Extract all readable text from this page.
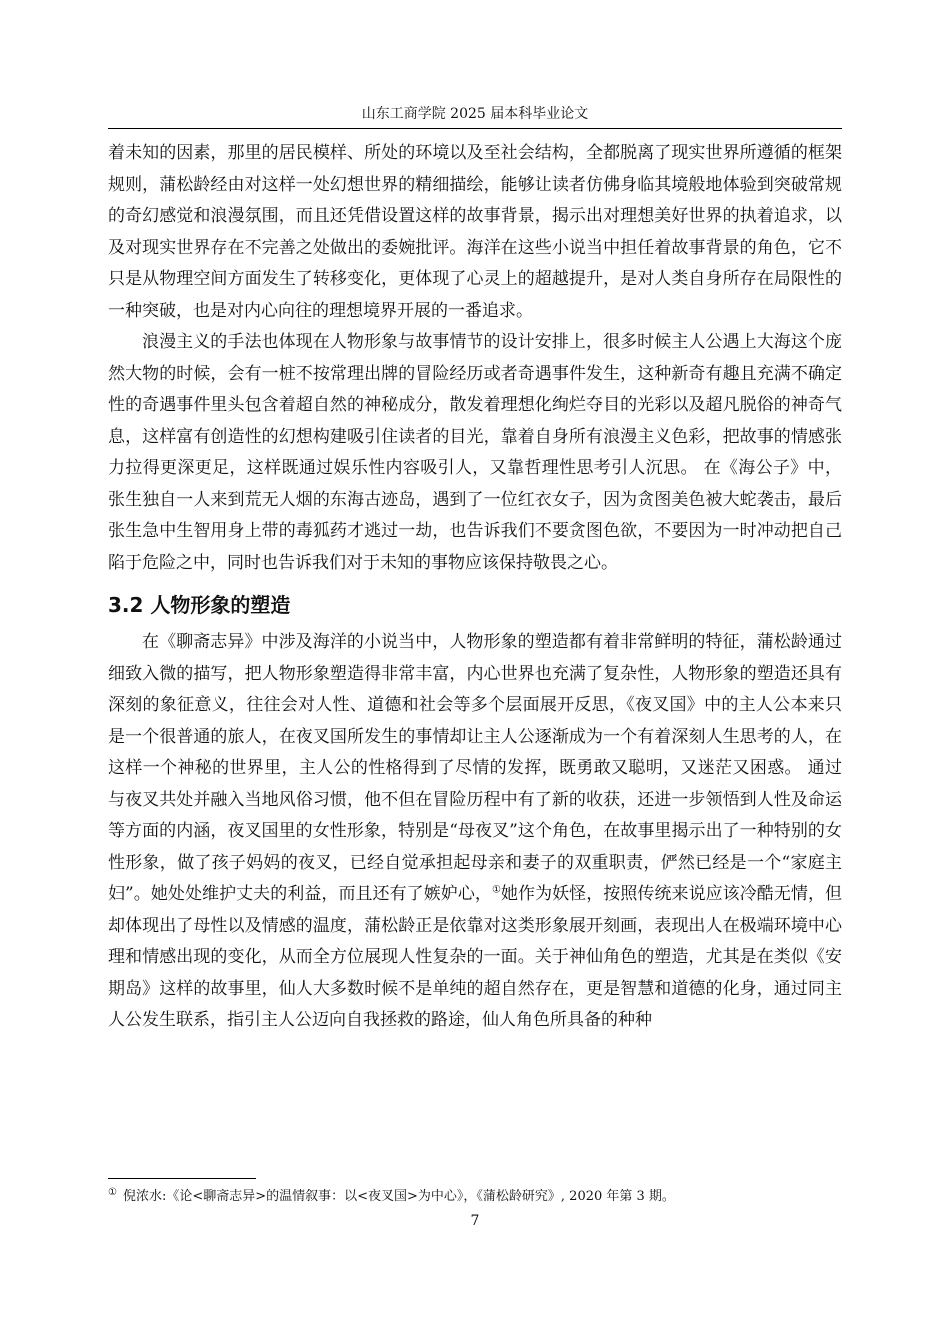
山东工商学院 2025 届本科毕业论文

着未知的因素，那里的居民模样、所处的环境以及至社会结构，全都脱离了现实世界所遵循的框架规则，蒲松龄经由对这样一处幻想世界的精细描绘，能够让读者仿佛身临其境般地体验到突破常规的奇幻感觉和浪漫氛围，而且还凭借设置这样的故事背景，揭示出对理想美好世界的执着追求，以及对现实世界存在不完善之处做出的委婉批评。海洋在这些小说当中担任着故事背景的角色，它不只是从物理空间方面发生了转移变化，更体现了心灵上的超越提升，是对人类自身所存在局限性的一种突破，也是对内心向往的理想境界开展的一番追求。

浪漫主义的手法也体现在人物形象与故事情节的设计安排上，很多时候主人公遇上大海这个庞然大物的时候，会有一桩不按常理出牌的冒险经历或者奇遇事件发生，这种新奇有趣且充满不确定性的奇遇事件里头包含着超自然的神秘成分，散发着理想化绚烂夺目的光彩以及超凡脱俗的神奇气息，这样富有创造性的幻想构建吸引住读者的目光，靠着自身所有浪漫主义色彩，把故事的情感张力拉得更深更足，这样既通过娱乐性内容吸引人，又靠哲理性思考引人沉思。 在《海公子》中，张生独自一人来到荒无人烟的东海古迹岛，遇到了一位红衣女子，因为贪图美色被大蛇袭击，最后张生急中生智用身上带的毒狐药才逃过一劫，也告诉我们不要贪图色欲，不要因为一时冲动把自己陷于危险之中，同时也告诉我们对于未知的事物应该保持敬畏之心。

3.2 人物形象的塑造

在《聊斋志异》中涉及海洋的小说当中，人物形象的塑造都有着非常鲜明的特征，蒲松龄通过细致入微的描写，把人物形象塑造得非常丰富，内心世界也充满了复杂性，人物形象的塑造还具有深刻的象征意义，往往会对人性、道德和社会等多个层面展开反思，《夜叉国》中的主人公本来只是一个很普通的旅人，在夜叉国所发生的事情却让主人公逐渐成为一个有着深刻人生思考的人，在这样一个神秘的世界里，主人公的性格得到了尽情的发挥，既勇敢又聪明，又迷茫又困惑。 通过与夜叉共处并融入当地风俗习惯，他不但在冒险历程中有了新的收获，还进一步领悟到人性及命运等方面的内涵，夜叉国里的女性形象，特别是“母夜叉”这个角色，在故事里揭示出了一种特别的女性形象，做了孩子妈妈的夜叉，已经自觉承担起母亲和妻子的双重职责，俨然已经是一个“家庭主妇”。她处处维护丈夫的利益，而且还有了嫉妒心，①她作为妖怪，按照传统来说应该冷酷无情，但却体现出了母性以及情感的温度，蒲松龄正是依靠对这类形象展开刻画，表现出人在极端环境中心理和情感出现的变化，从而全方位展现人性复杂的一面。关于神仙角色的塑造，尤其是在类似《安期岛》这样的故事里，仙人大多数时候不是单纯的超自然存在，更是智慧和道德的化身，通过同主人公发生联系，指引主人公迈向自我拯救的路途，仙人角色所具备的种种

① 倪浓水:《论<聊斋志异>的温情叙事：以<夜叉国>为中心》，《蒲松龄研究》, 2020 年第 3 期。
7
